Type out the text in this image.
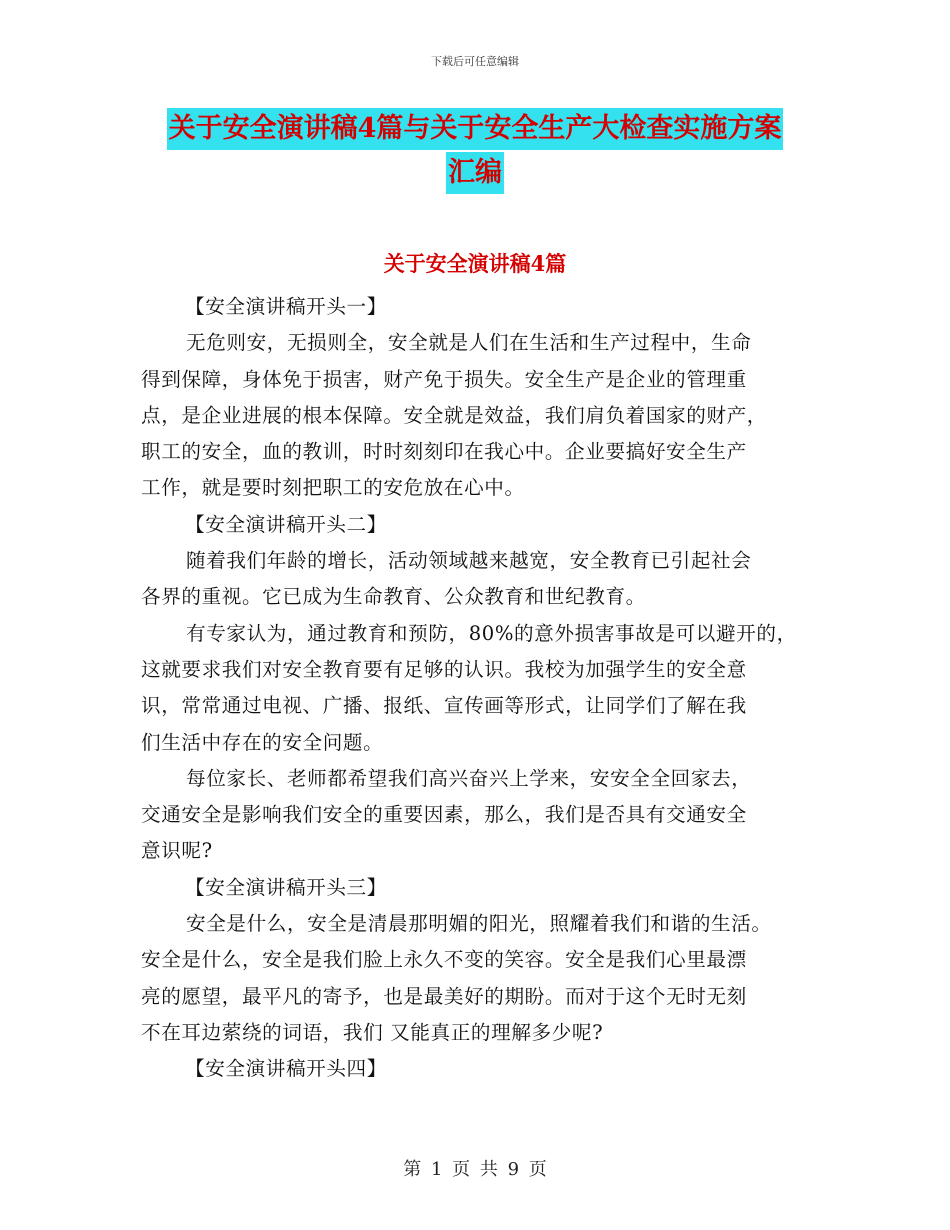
下载后可任意编辑
关于安全演讲稿4篇与关于安全生产大检查实施方案
汇编
关于安全演讲稿4篇
【安全演讲稿开头一】
无危则安，无损则全，安全就是人们在生活和生产过程中，生命
得到保障，身体免于损害，财产免于损失。安全生产是企业的管理重
点，是企业进展的根本保障。安全就是效益，我们肩负着国家的财产，
职工的安全，血的教训，时时刻刻印在我心中。企业要搞好安全生产
工作，就是要时刻把职工的安危放在心中。
【安全演讲稿开头二】
随着我们年龄的增长，活动领域越来越宽，安全教育已引起社会
各界的重视。它已成为生命教育、公众教育和世纪教育。
有专家认为，通过教育和预防，80%的意外损害事故是可以避开的，
这就要求我们对安全教育要有足够的认识。我校为加强学生的安全意
识，常常通过电视、广播、报纸、宣传画等形式，让同学们了解在我
们生活中存在的安全问题。
每位家长、老师都希望我们高兴奋兴上学来，安安全全回家去，
交通安全是影响我们安全的重要因素，那么，我们是否具有交通安全
意识呢?
【安全演讲稿开头三】
安全是什么，安全是清晨那明媚的阳光，照耀着我们和谐的生活。
安全是什么，安全是我们脸上永久不变的笑容。安全是我们心里最漂
亮的愿望，最平凡的寄予，也是最美好的期盼。而对于这个无时无刻
不在耳边萦绕的词语，我们 又能真正的理解多少呢?
【安全演讲稿开头四】
第 1 页 共 9 页
